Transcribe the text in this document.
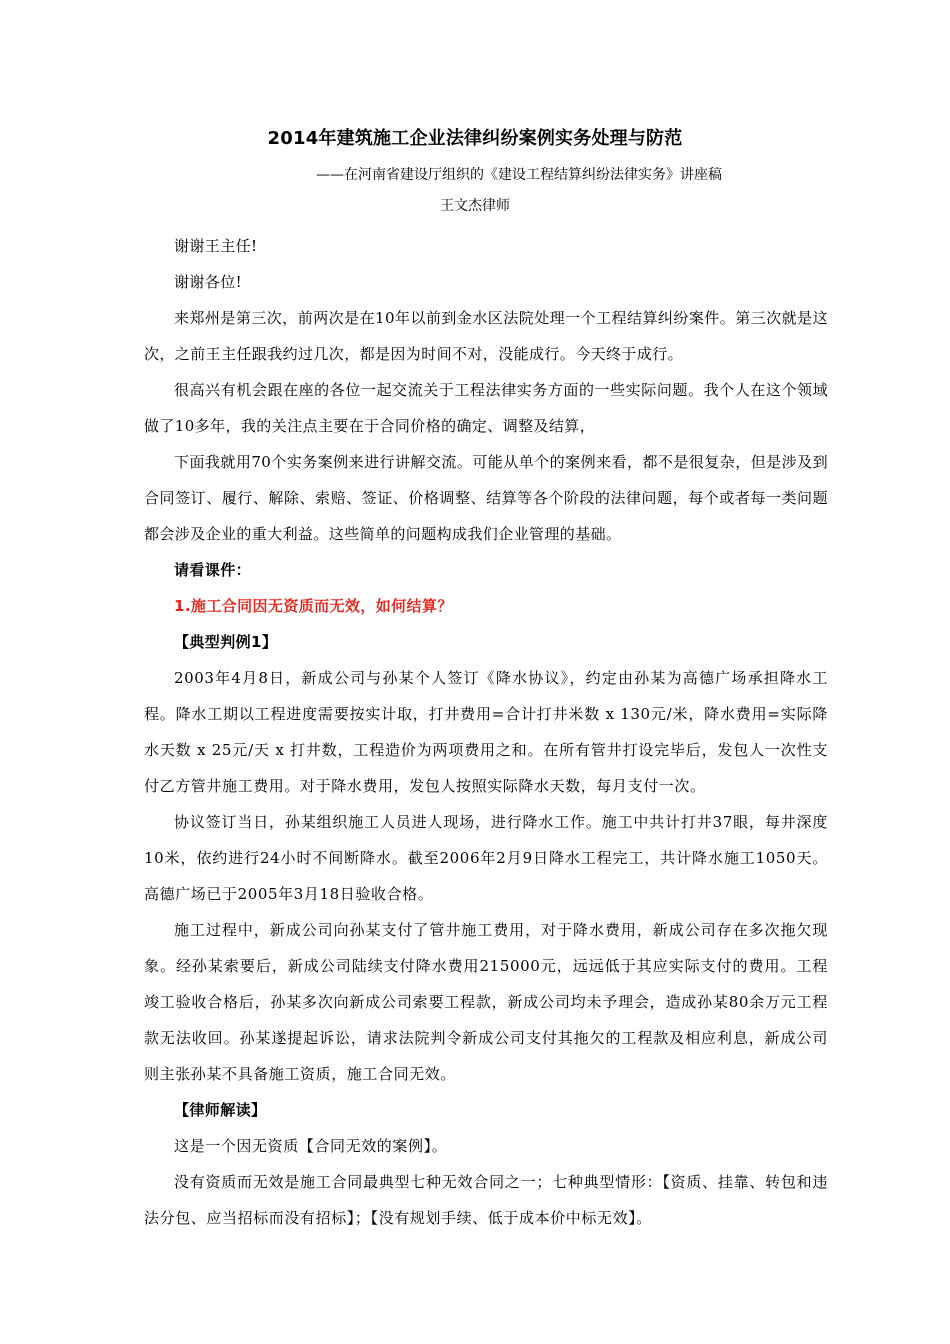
2014年建筑施工企业法律纠纷案例实务处理与防范
——在河南省建设厅组织的《建设工程结算纠纷法律实务》讲座稿
王文杰律师

谢谢王主任!

谢谢各位!

来郑州是第三次，前两次是在10年以前到金水区法院处理一个工程结算纠纷案件。第三次就是这次，之前王主任跟我约过几次，都是因为时间不对，没能成行。今天终于成行。

很高兴有机会跟在座的各位一起交流关于工程法律实务方面的一些实际问题。我个人在这个领域做了10多年，我的关注点主要在于合同价格的确定、调整及结算，

下面我就用70个实务案例来进行讲解交流。可能从单个的案例来看，都不是很复杂，但是涉及到合同签订、履行、解除、索赔、签证、价格调整、结算等各个阶段的法律问题，每个或者每一类问题都会涉及企业的重大利益。这些简单的问题构成我们企业管理的基础。

请看课件：

1.施工合同因无资质而无效，如何结算？

【典型判例1】

2003年4月8日，新成公司与孙某个人签订《降水协议》，约定由孙某为高德广场承担降水工程。降水工期以工程进度需要按实计取，打井费用=合计打井米数 x 130元/米，降水费用=实际降水天数 x 25元/天 x 打井数，工程造价为两项费用之和。在所有管井打设完毕后，发包人一次性支付乙方管井施工费用。对于降水费用，发包人按照实际降水天数，每月支付一次。

协议签订当日，孙某组织施工人员进人现场，进行降水工作。施工中共计打井37眼，每井深度10米，依约进行24小时不间断降水。截至2006年2月9日降水工程完工，共计降水施工1050天。高德广场已于2005年3月18日验收合格。

施工过程中，新成公司向孙某支付了管井施工费用，对于降水费用，新成公司存在多次拖欠现象。经孙某索要后，新成公司陆续支付降水费用215000元，远远低于其应实际支付的费用。工程竣工验收合格后，孙某多次向新成公司索要工程款，新成公司均未予理会，造成孙某80余万元工程款无法收回。孙某遂提起诉讼，请求法院判令新成公司支付其拖欠的工程款及相应利息，新成公司则主张孙某不具备施工资质，施工合同无效。

【律师解读】

这是一个因无资质【合同无效的案例】。

没有资质而无效是施工合同最典型七种无效合同之一；七种典型情形：【资质、挂靠、转包和违法分包、应当招标而没有招标】；【没有规划手续、低于成本价中标无效】。
